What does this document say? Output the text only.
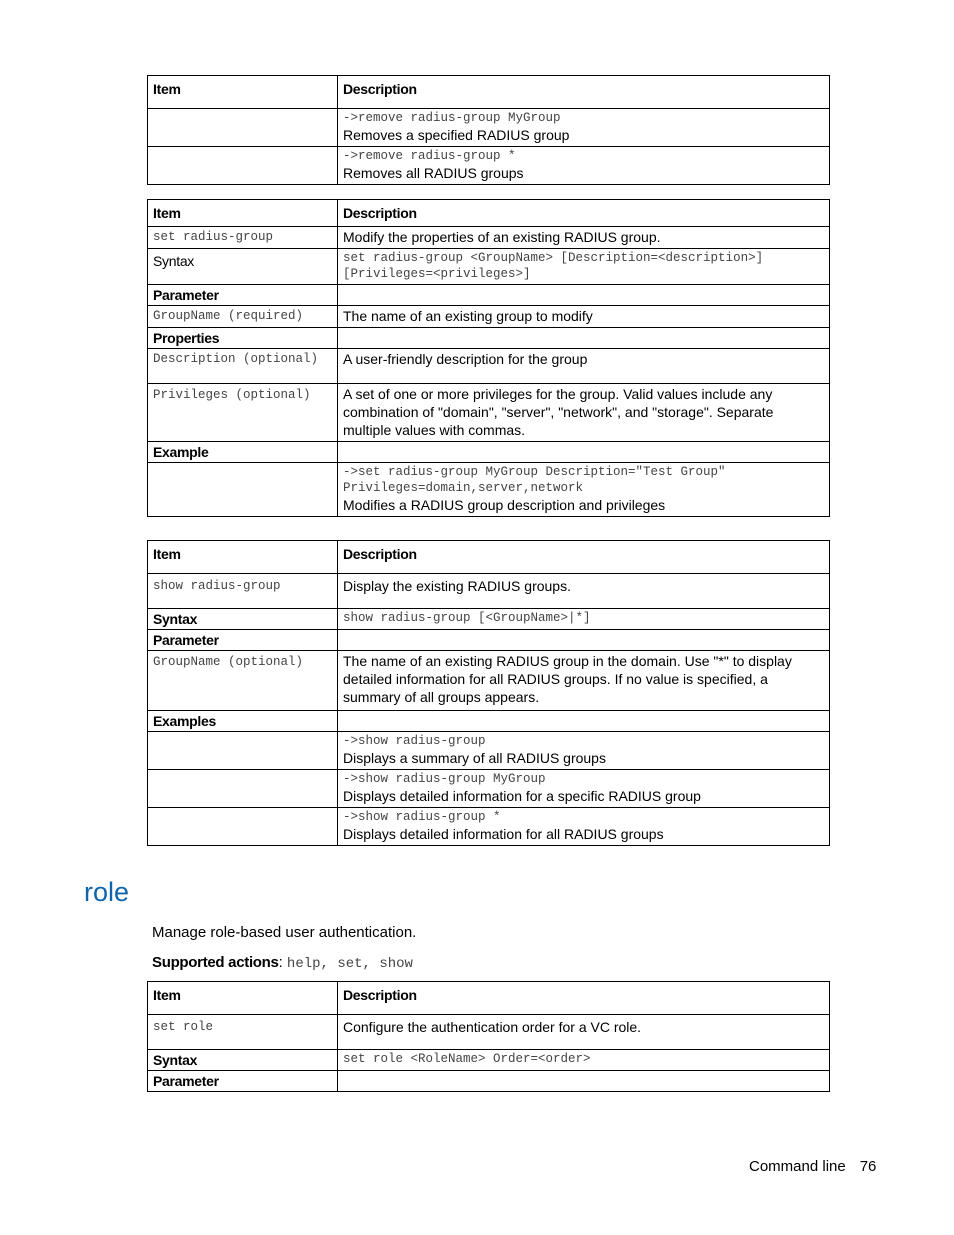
Item	Description

	->remove radius-group MyGroup
Removes a specified RADIUS group

	->remove radius-group *
Removes all RADIUS groups
Item	Description
set radius-group	Modify the properties of an existing RADIUS group.
Syntax	set radius-group <GroupName> [Description=<description>] [Privileges=<privileges>]
Parameter	
GroupName (required)	The name of an existing group to modify
Properties	
Description (optional)	A user-friendly description for the group
Privileges (optional)	A set of one or more privileges for the group. Valid values include any combination of "domain", "server", "network", and "storage". Separate multiple values with commas.
Example	

	->set radius-group MyGroup Description="Test Group" Privileges=domain,server,network
Modifies a RADIUS group description and privileges
Item	Description
show radius-group	Display the existing RADIUS groups.
Syntax	show radius-group [<GroupName>|*]
Parameter	
GroupName (optional)	The name of an existing RADIUS group in the domain. Use "*" to display detailed information for all RADIUS groups. If no value is specified, a summary of all groups appears.
Examples	

	->show radius-group
Displays a summary of all RADIUS groups

	->show radius-group MyGroup
Displays detailed information for a specific RADIUS group

	->show radius-group *
Displays detailed information for all RADIUS groups
role
Manage role-based user authentication.
Supported actions: help, set, show
Item	Description
set role	Configure the authentication order for a VC role.
Syntax	set role <RoleName> Order=<order>
Parameter	
Command line 76
